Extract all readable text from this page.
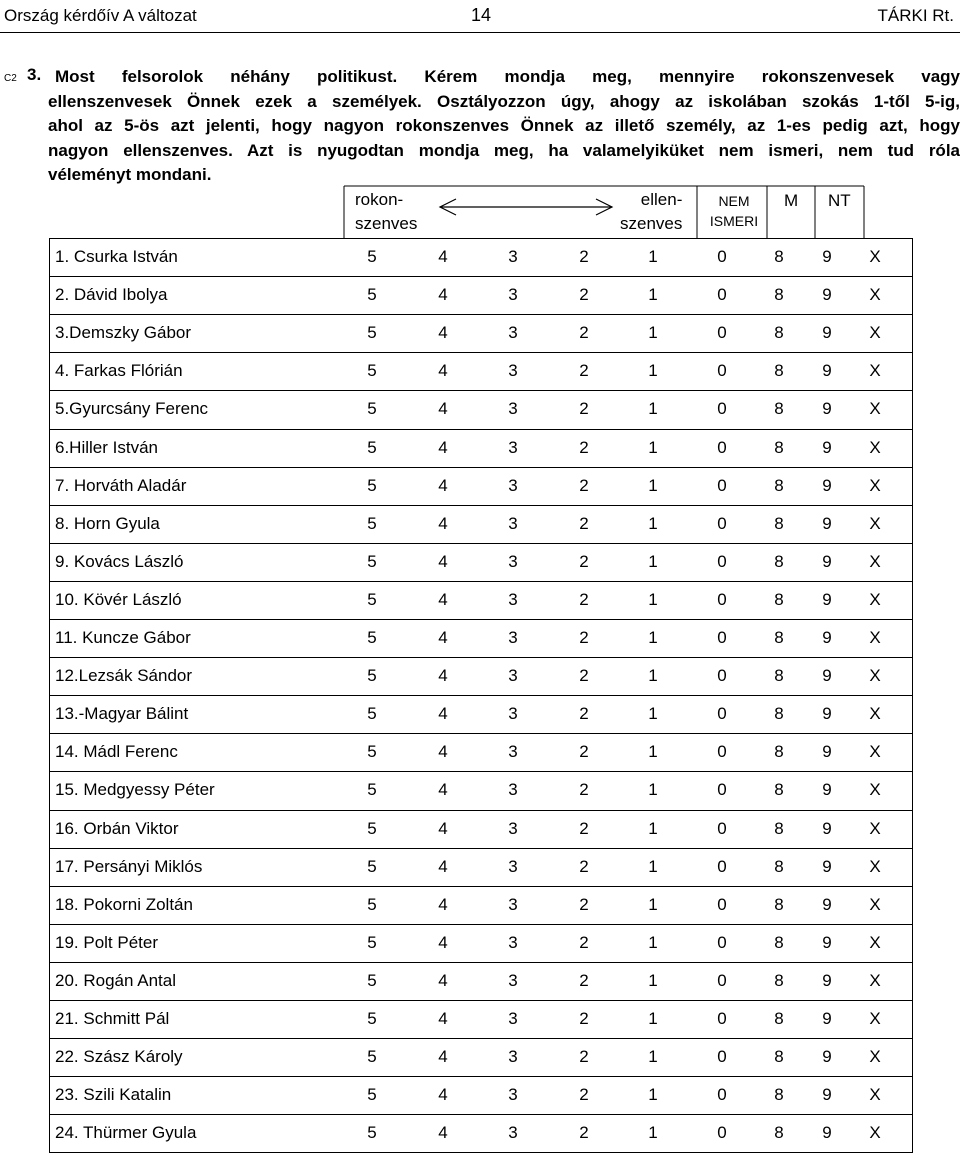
Ország kérdőív A változat	14	TÁRKI Rt.
C2 3. Most felsorolok néhány politikust. Kérem mondja meg, mennyire rokonszenvesek vagy
ellenszenvesek Önnek ezek a személyek. Osztályozzon úgy, ahogy az iskolában szokás 1-től 5-ig,
ahol az 5-ös azt jelenti, hogy nagyon rokonszenves Önnek az illető személy, az 1-es pedig azt, hogy
nagyon ellenszenves. Azt is nyugodtan mondja meg, ha valamelyiküket nem ismeri, nem tud róla
véleményt mondani.
rokon-
szenves
ellen-
szenves
NEM
ISMERI
M NT
1. Csurka István	5	4	3	2	1	0	8	9	X
2. Dávid Ibolya	5	4	3	2	1	0	8	9	X
3.Demszky Gábor	5	4	3	2	1	0	8	9	X
4. Farkas Flórián	5	4	3	2	1	0	8	9	X
5.Gyurcsány Ferenc	5	4	3	2	1	0	8	9	X
6.Hiller István	5	4	3	2	1	0	8	9	X
7. Horváth Aladár	5	4	3	2	1	0	8	9	X
8. Horn Gyula	5	4	3	2	1	0	8	9	X
9. Kovács László	5	4	3	2	1	0	8	9	X
10. Kövér László	5	4	3	2	1	0	8	9	X
11. Kuncze Gábor	5	4	3	2	1	0	8	9	X
12.Lezsák Sándor	5	4	3	2	1	0	8	9	X
13.-Magyar Bálint	5	4	3	2	1	0	8	9	X
14. Mádl Ferenc	5	4	3	2	1	0	8	9	X
15. Medgyessy Péter	5	4	3	2	1	0	8	9	X
16. Orbán Viktor	5	4	3	2	1	0	8	9	X
17. Persányi Miklós	5	4	3	2	1	0	8	9	X
18. Pokorni Zoltán	5	4	3	2	1	0	8	9	X
19. Polt Péter	5	4	3	2	1	0	8	9	X
20. Rogán Antal	5	4	3	2	1	0	8	9	X
21. Schmitt Pál	5	4	3	2	1	0	8	9	X
22. Szász Károly	5	4	3	2	1	0	8	9	X
23. Szili Katalin	5	4	3	2	1	0	8	9	X
24. Thürmer Gyula	5	4	3	2	1	0	8	9	X
